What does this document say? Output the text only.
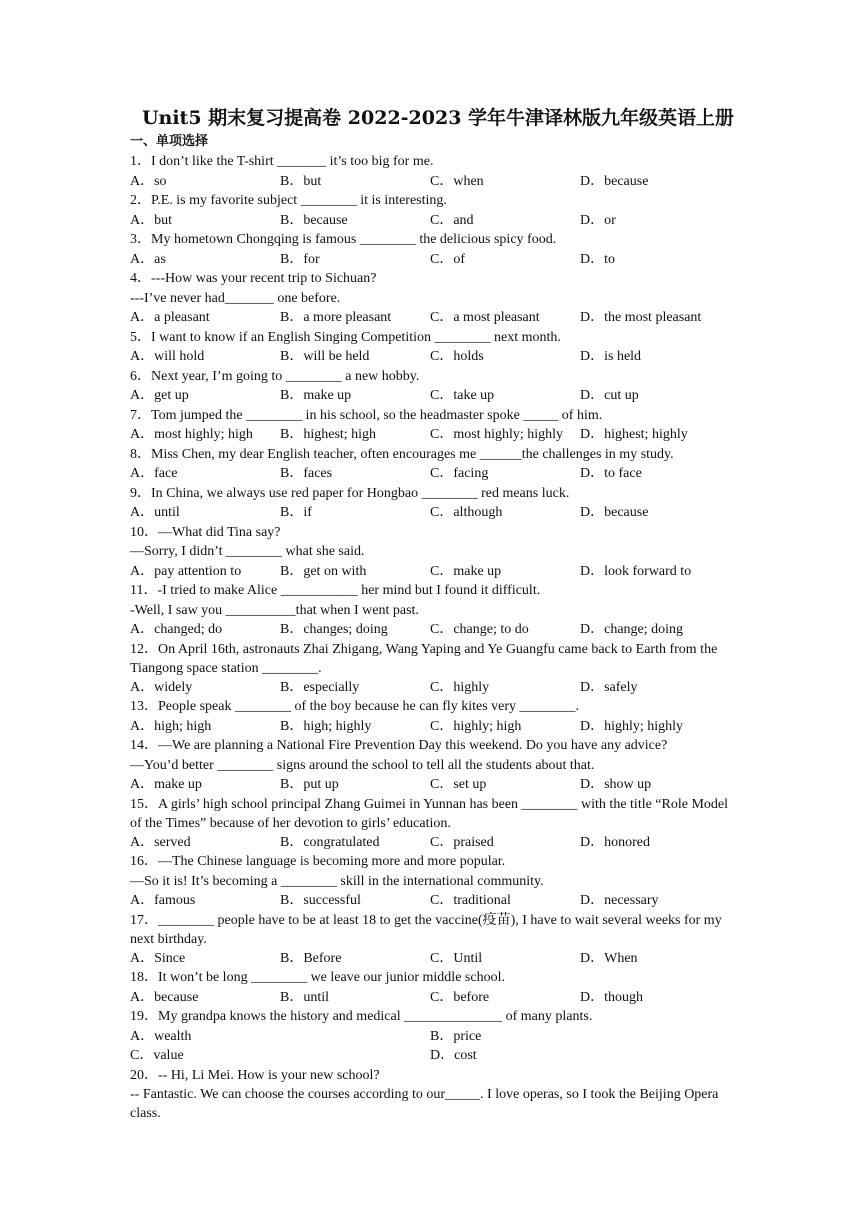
Unit5 期末复习提高卷 2022-2023 学年牛津译林版九年级英语上册
一、单项选择
1．I don’t like the T-shirt _______ it’s too big for me.
A．so	B．but	C．when	D．because
2．P.E. is my favorite subject ________ it is interesting.
A．but	B．because	C．and	D．or
3．My hometown Chongqing is famous ________ the delicious spicy food.
A．as	B．for	C．of	D．to
4．---How was your recent trip to Sichuan?
---I’ve never had_______ one before.
A．a pleasant	B．a more pleasant	C．a most pleasant	D．the most pleasant
5．I want to know if an English Singing Competition ________ next month.
A．will hold	B．will be held	C．holds	D．is held
6．Next year, I’m going to ________ a new hobby.
A．get up	B．make up	C．take up	D．cut up
7．Tom jumped the ________ in his school, so the headmaster spoke _____ of him.
A．most highly; high	B．highest; high	C．most highly; highly	D．highest; highly
8．Miss Chen, my dear English teacher, often encourages me ______the challenges in my study.
A．face	B．faces	C．facing	D．to face
9．In China, we always use red paper for Hongbao ________ red means luck.
A．until	B．if	C．although	D．because
10．—What did Tina say?
—Sorry, I didn’t ________ what she said.
A．pay attention to	B．get on with	C．make up	D．look forward to
11．-I tried to make Alice ___________ her mind but I found it difficult.
-Well, I saw you __________that when I went past.
A．changed; do	B．changes; doing	C．change; to do	D．change; doing
12．On April 16th, astronauts Zhai Zhigang, Wang Yaping and Ye Guangfu came back to Earth from the Tiangong space station ________.
A．widely	B．especially	C．highly	D．safely
13．People speak ________ of the boy because he can fly kites very ________.
A．high; high	B．high; highly	C．highly; high	D．highly; highly
14．—We are planning a National Fire Prevention Day this weekend. Do you have any advice?
—You’d better ________ signs around the school to tell all the students about that.
A．make up	B．put up	C．set up	D．show up
15．A girls’ high school principal Zhang Guimei in Yunnan has been ________ with the title “Role Model of the Times” because of her devotion to girls’ education.
A．served	B．congratulated	C．praised	D．honored
16．—The Chinese language is becoming more and more popular.
—So it is! It’s becoming a ________ skill in the international community.
A．famous	B．successful	C．traditional	D．necessary
17．________ people have to be at least 18 to get the vaccine(疫苗), I have to wait several weeks for my next birthday.
A．Since	B．Before	C．Until	D．When
18．It won’t be long ________ we leave our junior middle school.
A．because	B．until	C．before	D．though
19．My grandpa knows the history and medical ______________ of many plants.
A．wealth	B．price
C．value	D．cost
20．-- Hi, Li Mei. How is your new school?
-- Fantastic. We can choose the courses according to our_____. I love operas, so I took the Beijing Opera class.
